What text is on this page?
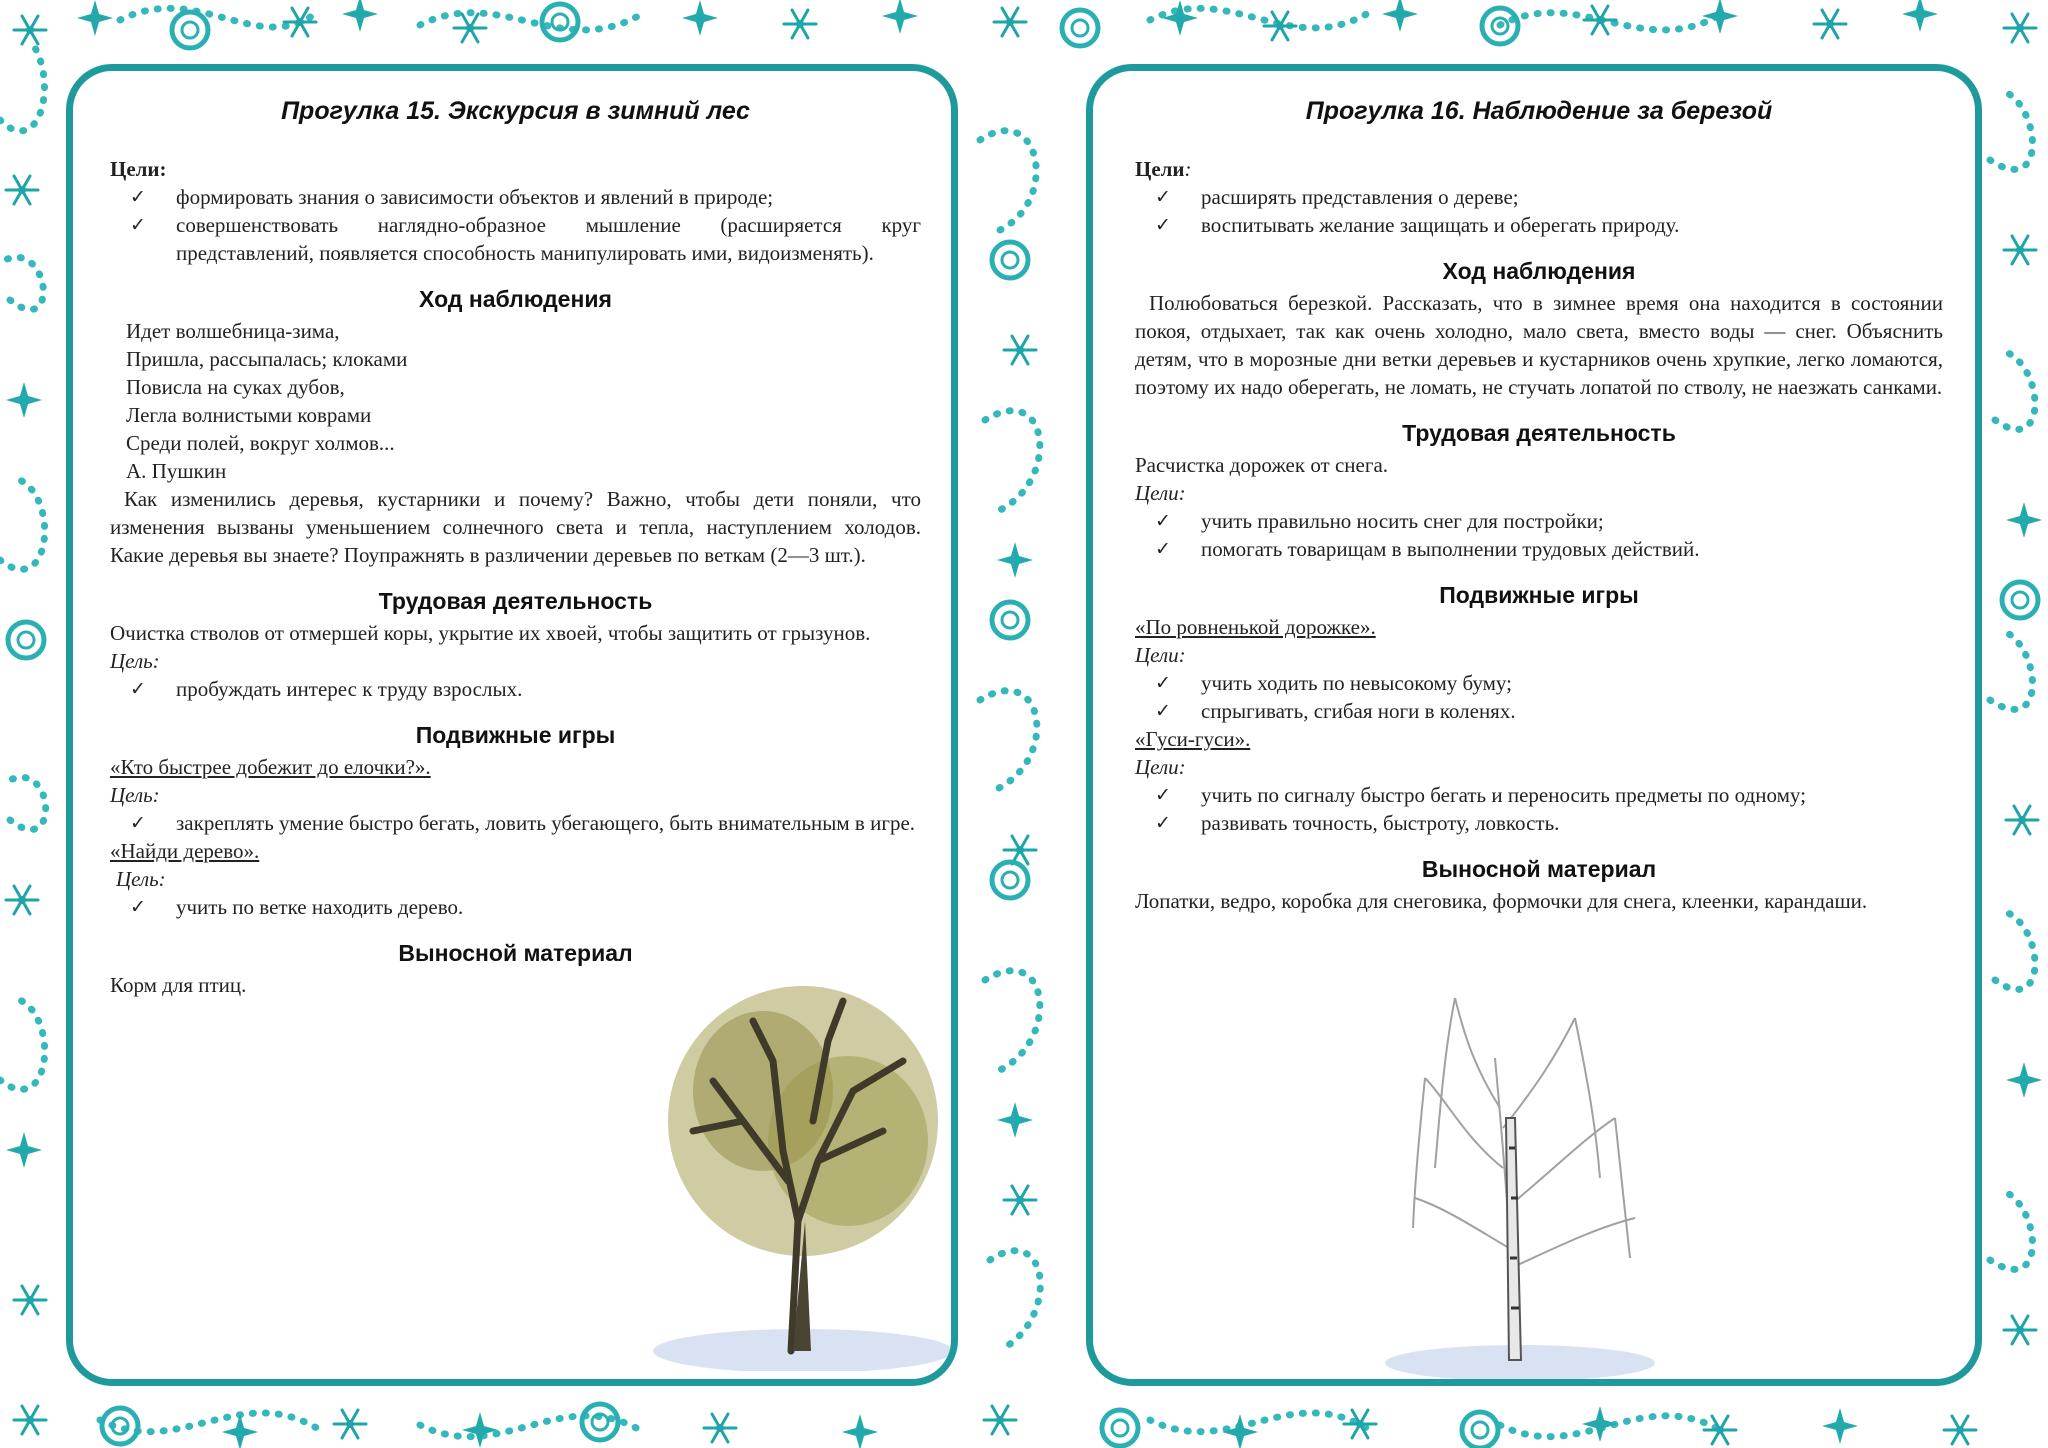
Прогулка 15. Экскурсия в зимний лес

Цели:

✓ формировать знания о зависимости объектов и явлений в природе;
✓ совершенствовать наглядно-образное мышление (расширяется круг представлений, появляется способность манипулировать ими, видоизменять).
Ход наблюдения

Идет волшебница-зима,

Пришла, рассыпалась; клоками

Повисла на суках дубов,

Легла волнистыми коврами

Среди полей, вокруг холмов...

А. Пушкин

Как изменились деревья, кустарники и почему? Важно, чтобы дети поняли, что изменения вызваны уменьшением солнечного света и тепла, наступлением холодов. Какие деревья вы знаете? Поупражнять в различении деревьев по веткам (2—3 шт.).

Трудовая деятельность

Очистка стволов от отмершей коры, укрытие их хвоей, чтобы защитить от грызунов.

Цель:

✓ пробуждать интерес к труду взрослых.
Подвижные игры

«Кто быстрее добежит до елочки?».

Цель:

✓ закреплять умение быстро бегать, ловить убегающего, быть внимательным в игре.

«Найди дерево».

Цель:

✓ учить по ветке находить дерево.
Выносной материал

Корм для птиц.

Прогулка 16. Наблюдение за березой

Цели:

✓ расширять представления о дереве;
✓ воспитывать желание защищать и оберегать природу.
Ход наблюдения

Полюбоваться березкой. Рассказать, что в зимнее время она находится в состоянии покоя, отдыхает, так как очень холодно, мало света, вместо воды — снег. Объяснить детям, что в морозные дни ветки деревьев и кустарников очень хрупкие, легко ломаются, поэтому их надо оберегать, не ломать, не стучать лопатой по стволу, не наезжать санками.

Трудовая деятельность

Расчистка дорожек от снега.

Цели:

✓ учить правильно носить снег для постройки;
✓ помогать товарищам в выполнении трудовых действий.
Подвижные игры

«По ровненькой дорожке».

Цели:

✓ учить ходить по невысокому буму;
✓ спрыгивать, сгибая ноги в коленях.

«Гуси-гуси».

Цели:

✓ учить по сигналу быстро бегать и переносить предметы по одному;
✓ развивать точность, быстроту, ловкость.
Выносной материал

Лопатки, ведро, коробка для снеговика, формочки для снега, клеенки, карандаши.
